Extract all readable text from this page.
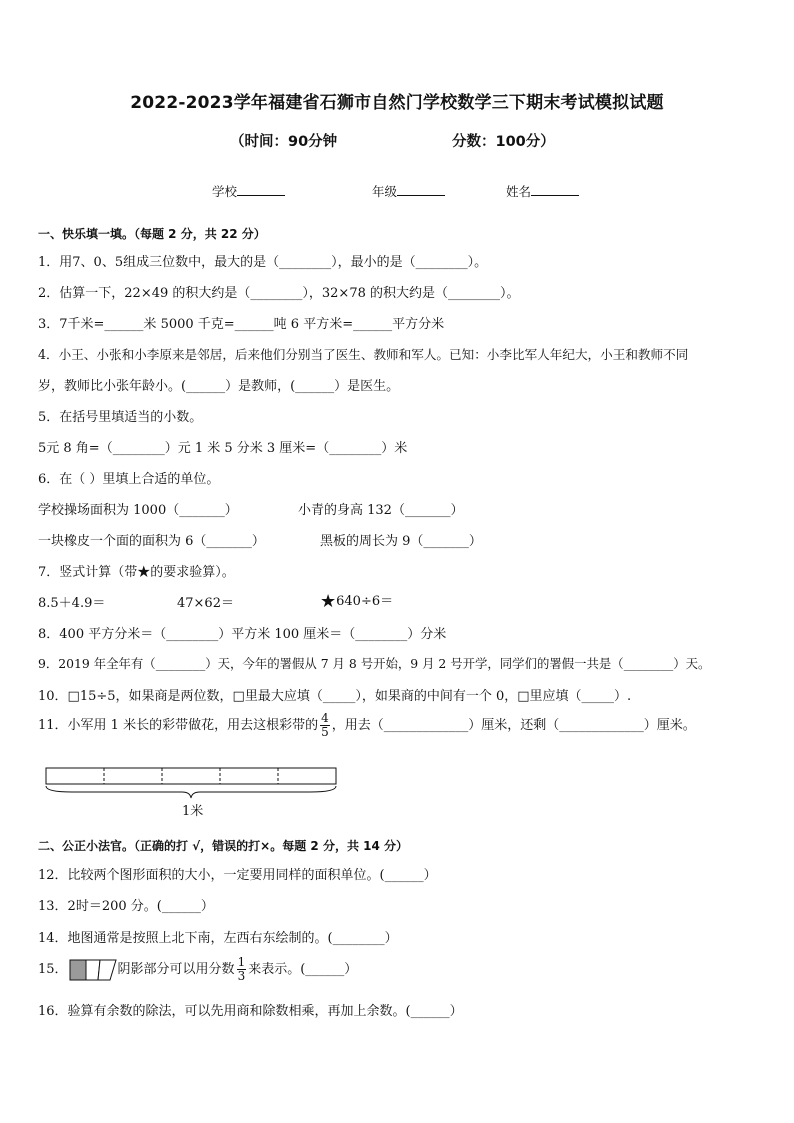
2022-2023学年福建省石狮市自然门学校数学三下期末考试模拟试题
（时间：90分钟	分数：100分）
学校	年级	姓名
一、快乐填一填。（每题 2 分，共 22 分）
1．用7、0、5组成三位数中，最大的是（________），最小的是（________）。
2．估算一下，22×49 的积大约是（________），32×78 的积大约是（________）。
3．7千米=______米 5000 千克=______吨 6 平方米=______平方分米
4．小王、小张和小李原来是邻居，后来他们分别当了医生、教师和军人。已知：小李比军人年纪大，小王和教师不同
岁，教师比小张年龄小。(______）是教师，(______）是医生。
5．在括号里填适当的小数。
5元 8 角=（________）元 1 米 5 分米 3 厘米=（________）米
6．在（ ）里填上合适的单位。
学校操场面积为 1000（_______）	小青的身高 132（_______）
一块橡皮一个面的面积为 6（_______）	黑板的周长为 9（_______）
7．竖式计算（带★的要求验算）。
8.5＋4.9＝	47×62＝	★640÷6＝
8．400 平方分米＝（________）平方米 100 厘米＝（________）分米
9．2019 年全年有（________）天，今年的署假从 7 月 8 号开始，9 月 2 号开学，同学们的署假一共是（________）天。
10．□15÷5，如果商是两位数，□里最大应填（_____），如果商的中间有一个 0，□里应填（_____）.
11．小军用 1 米长的彩带做花，用去这根彩带的 $\frac{4}{5}$ ，用去（_____________）厘米，还剩（_____________）厘米。
1米
二、公正小法官。（正确的打 √，错误的打×。每题 2 分，共 14 分）
12．比较两个图形面积的大小，一定要用同样的面积单位。(______）
13．2时＝200 分。(______）
14．地图通常是按照上北下南，左西右东绘制的。(________）
15．	阴影部分可以用分数 $\frac{1}{3}$ 来表示。(______）
16．验算有余数的除法，可以先用商和除数相乘，再加上余数。(______）
